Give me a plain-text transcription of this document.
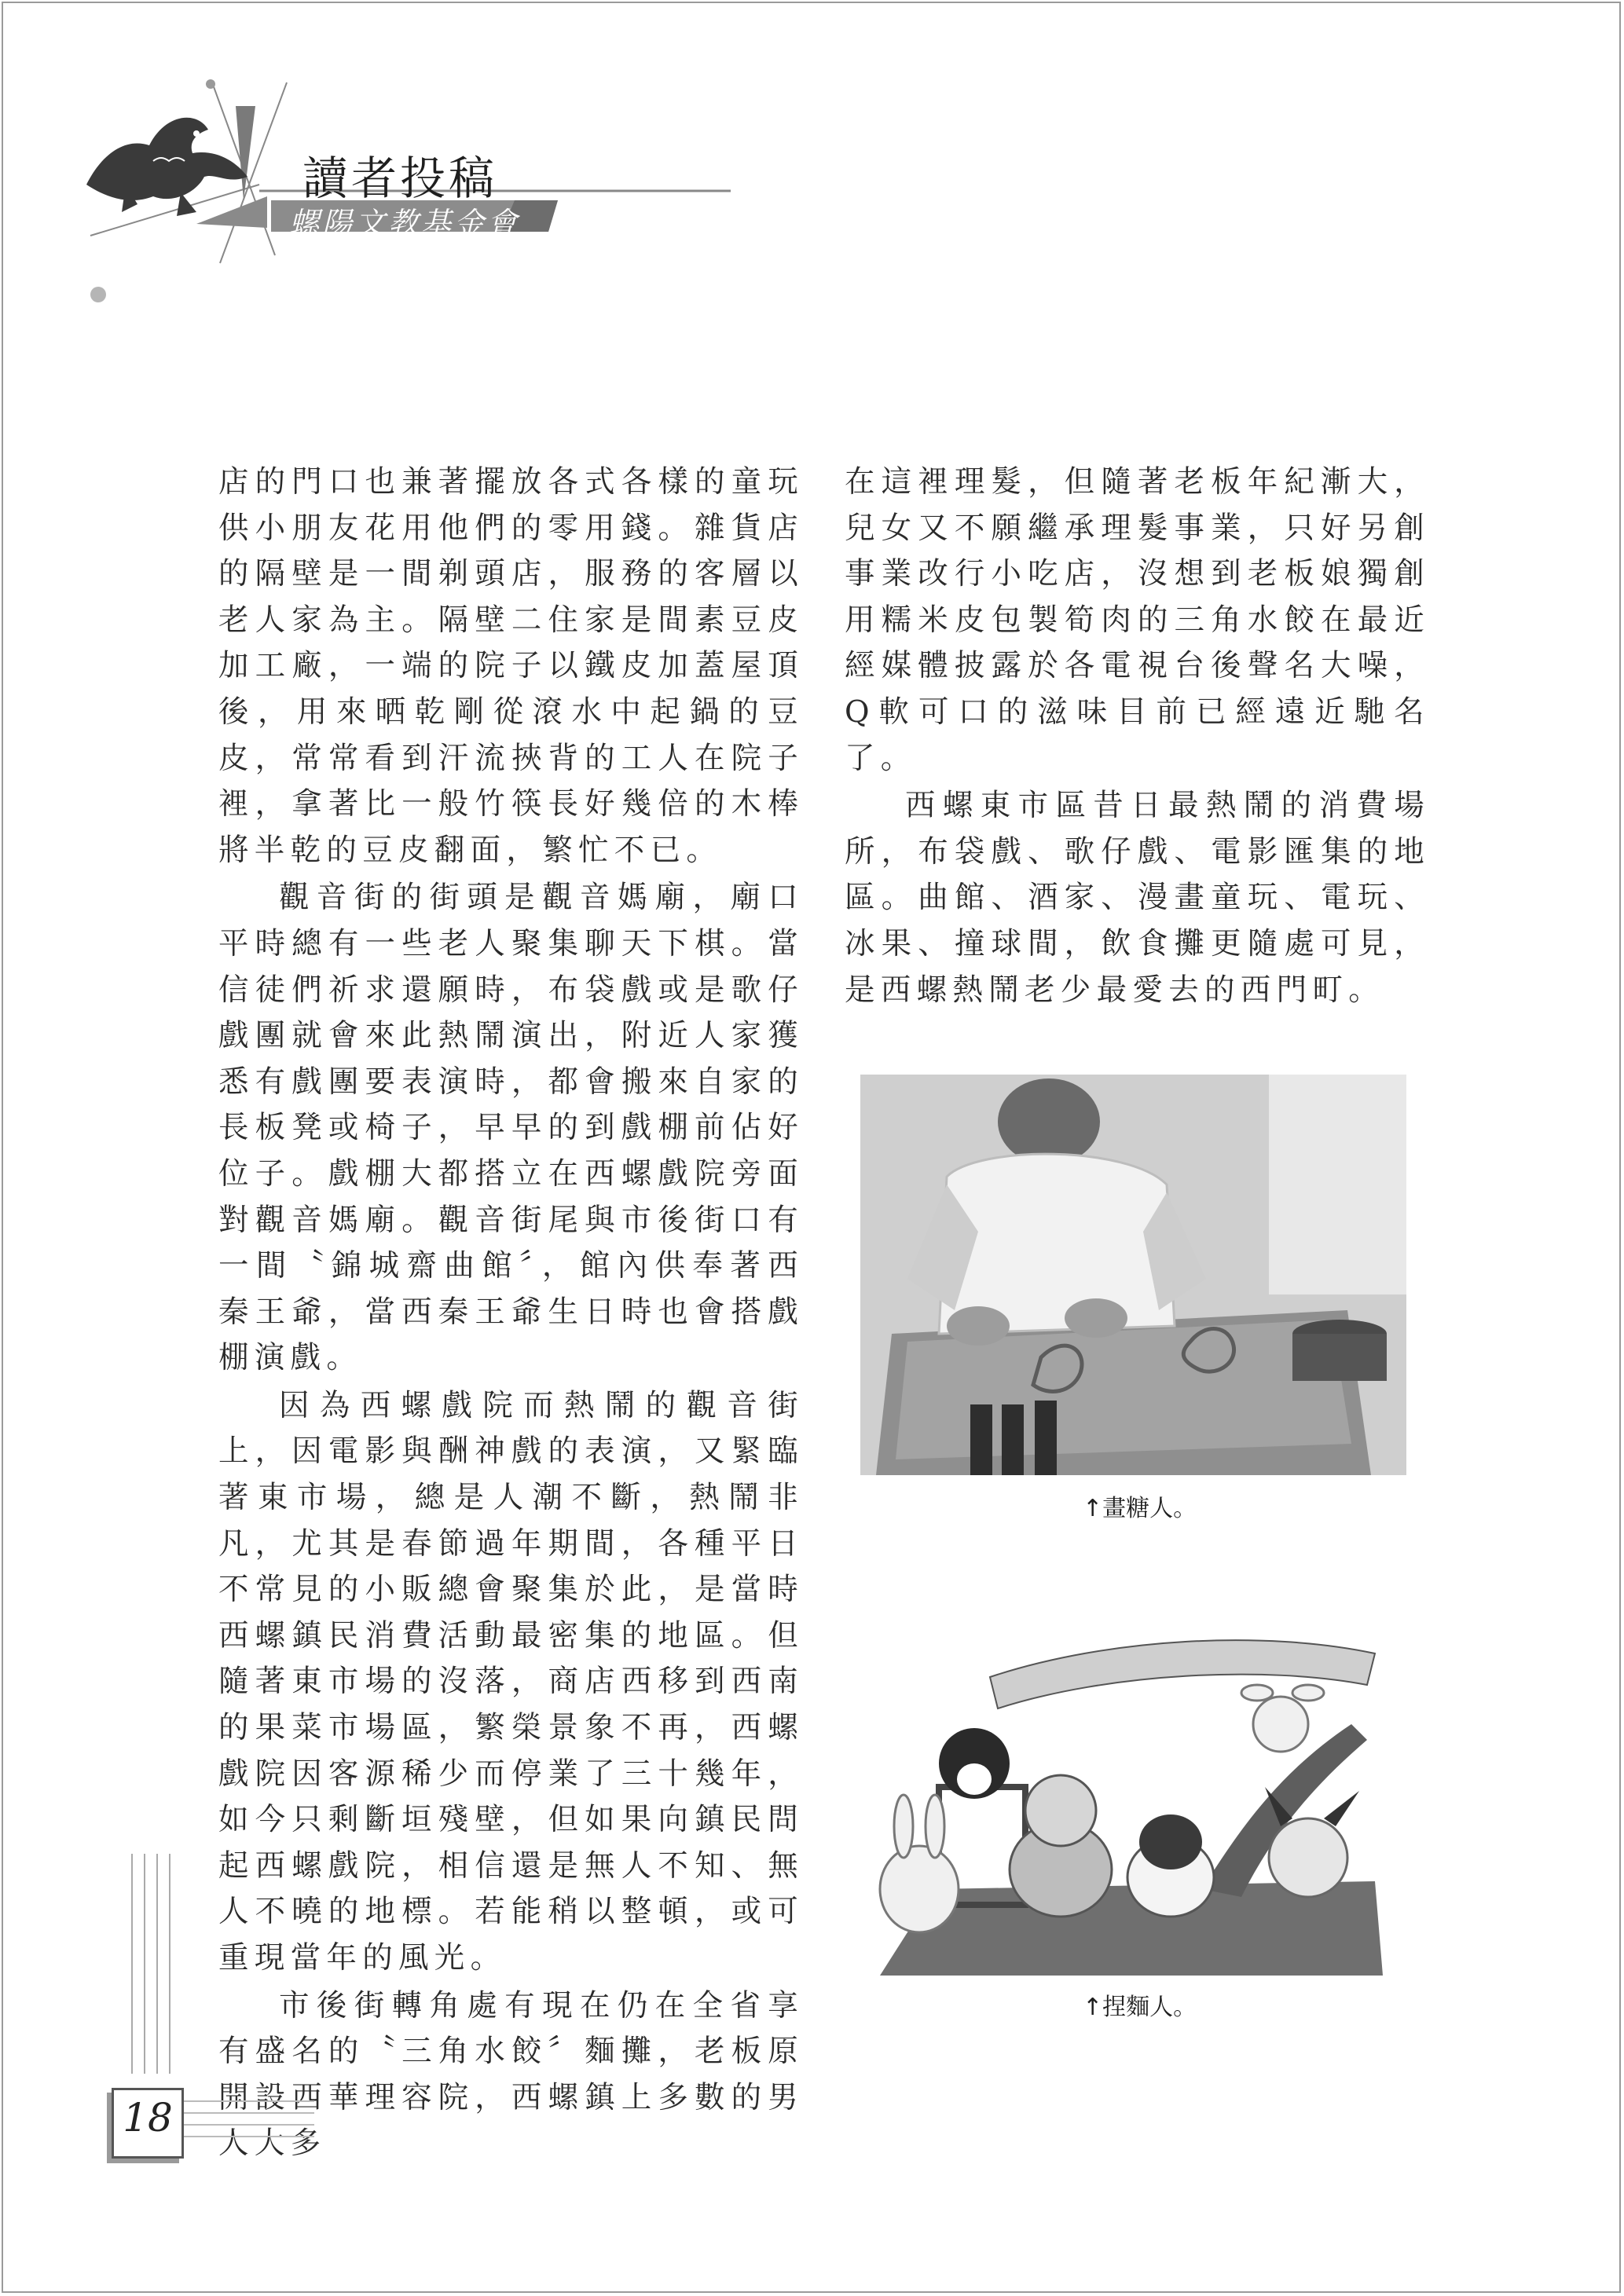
讀者投稿
螺陽文教基金會

店的門口也兼著擺放各式各樣的童玩供小朋友花用他們的零用錢。雜貨店的隔壁是一間剃頭店，服務的客層以老人家為主。隔壁二住家是間素豆皮加工廠，一端的院子以鐵皮加蓋屋頂後，用來晒乾剛從滾水中起鍋的豆皮，常常看到汗流挾背的工人在院子裡，拿著比一般竹筷長好幾倍的木棒將半乾的豆皮翻面，繁忙不已。

觀音街的街頭是觀音媽廟，廟口平時總有一些老人聚集聊天下棋。當信徒們祈求還願時，布袋戲或是歌仔戲團就會來此熱鬧演出，附近人家獲悉有戲團要表演時，都會搬來自家的長板凳或椅子，早早的到戲棚前佔好位子。戲棚大都搭立在西螺戲院旁面對觀音媽廟。觀音街尾與市後街口有一間〝錦城齋曲館〞，館內供奉著西秦王爺，當西秦王爺生日時也會搭戲棚演戲。

因為西螺戲院而熱鬧的觀音街上，因電影與酬神戲的表演，又緊臨著東市場，總是人潮不斷，熱鬧非凡，尤其是春節過年期間，各種平日不常見的小販總會聚集於此，是當時西螺鎮民消費活動最密集的地區。但隨著東市場的沒落，商店西移到西南的果菜市場區，繁榮景象不再，西螺戲院因客源稀少而停業了三十幾年，如今只剩斷垣殘壁，但如果向鎮民問起西螺戲院，相信還是無人不知、無人不曉的地標。若能稍以整頓，或可重現當年的風光。

市後街轉角處有現在仍在全省享有盛名的〝三角水餃〞麵攤，老板原開設西華理容院，西螺鎮上多數的男人大多

在這裡理髮，但隨著老板年紀漸大，兒女又不願繼承理髮事業，只好另創事業改行小吃店，沒想到老板娘獨創用糯米皮包製筍肉的三角水餃在最近經媒體披露於各電視台後聲名大噪，Q軟可口的滋味目前已經遠近馳名了。

西螺東市區昔日最熱鬧的消費場所，布袋戲、歌仔戲、電影匯集的地區。曲館、酒家、漫畫童玩、電玩、冰果、撞球間，飲食攤更隨處可見，是西螺熱鬧老少最愛去的西門町。

↑畫糖人。
↑捏麵人。
18
